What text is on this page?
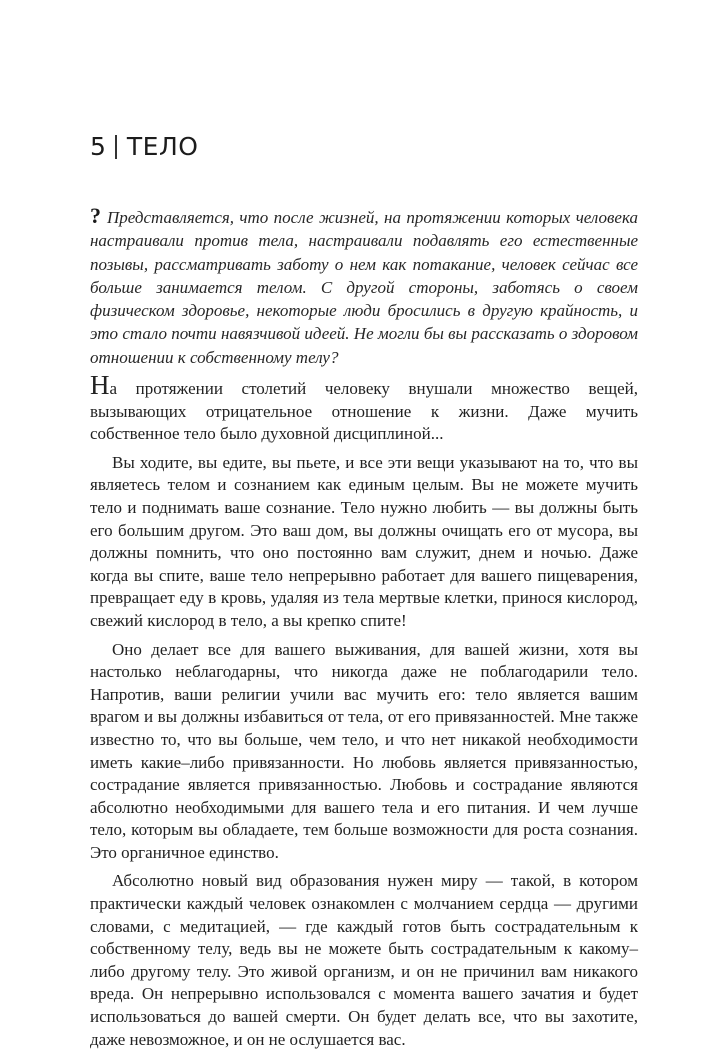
5 ТЕЛО
? Представляется, что после жизней, на протяжении которых человека настраивали против тела, настраивали подавлять его естественные позывы, рассматривать заботу о нем как потакание, человек сейчас все больше занимается телом. С другой стороны, заботясь о своем физическом здоровье, некоторые люди бросились в другую крайность, и это стало почти навязчивой идеей. Не могли бы вы рассказать о здоровом отношении к собственному телу?

На протяжении столетий человеку внушали множество вещей, вызывающих отрицательное отношение к жизни. Даже мучить собственное тело было духовной дисциплиной...

Вы ходите, вы едите, вы пьете, и все эти вещи указывают на то, что вы являетесь телом и сознанием как единым целым. Вы не можете мучить тело и поднимать ваше сознание. Тело нужно любить — вы должны быть его большим другом. Это ваш дом, вы должны очищать его от мусора, вы должны помнить, что оно постоянно вам служит, днем и ночью. Даже когда вы спите, ваше тело непрерывно работает для вашего пищеварения, превращает еду в кровь, удаляя из тела мертвые клетки, принося кислород, свежий кислород в тело, а вы крепко спите!

Оно делает все для вашего выживания, для вашей жизни, хотя вы настолько неблагодарны, что никогда даже не поблагодарили тело. Напротив, ваши религии учили вас мучить его: тело является вашим врагом и вы должны избавиться от тела, от его привязанностей. Мне также известно то, что вы больше, чем тело, и что нет никакой необходимости иметь какие–либо привязанности. Но любовь является привязанностью, сострадание является привязанностью. Любовь и сострадание являются абсолютно необходимыми для вашего тела и его питания. И чем лучше тело, которым вы обладаете, тем больше возможности для роста сознания. Это органичное единство.

Абсолютно новый вид образования нужен миру — такой, в котором практически каждый человек ознакомлен с молчанием сердца — другими словами, с медитацией, — где каждый готов быть сострадательным к собственному телу, ведь вы не можете быть сострадательным к какому–либо другому телу. Это живой организм, и он не причинил вам никакого вреда. Он непрерывно использовался с момента вашего зачатия и будет использоваться до вашей смерти. Он будет делать все, что вы захотите, даже невозможное, и он не ослушается вас.
